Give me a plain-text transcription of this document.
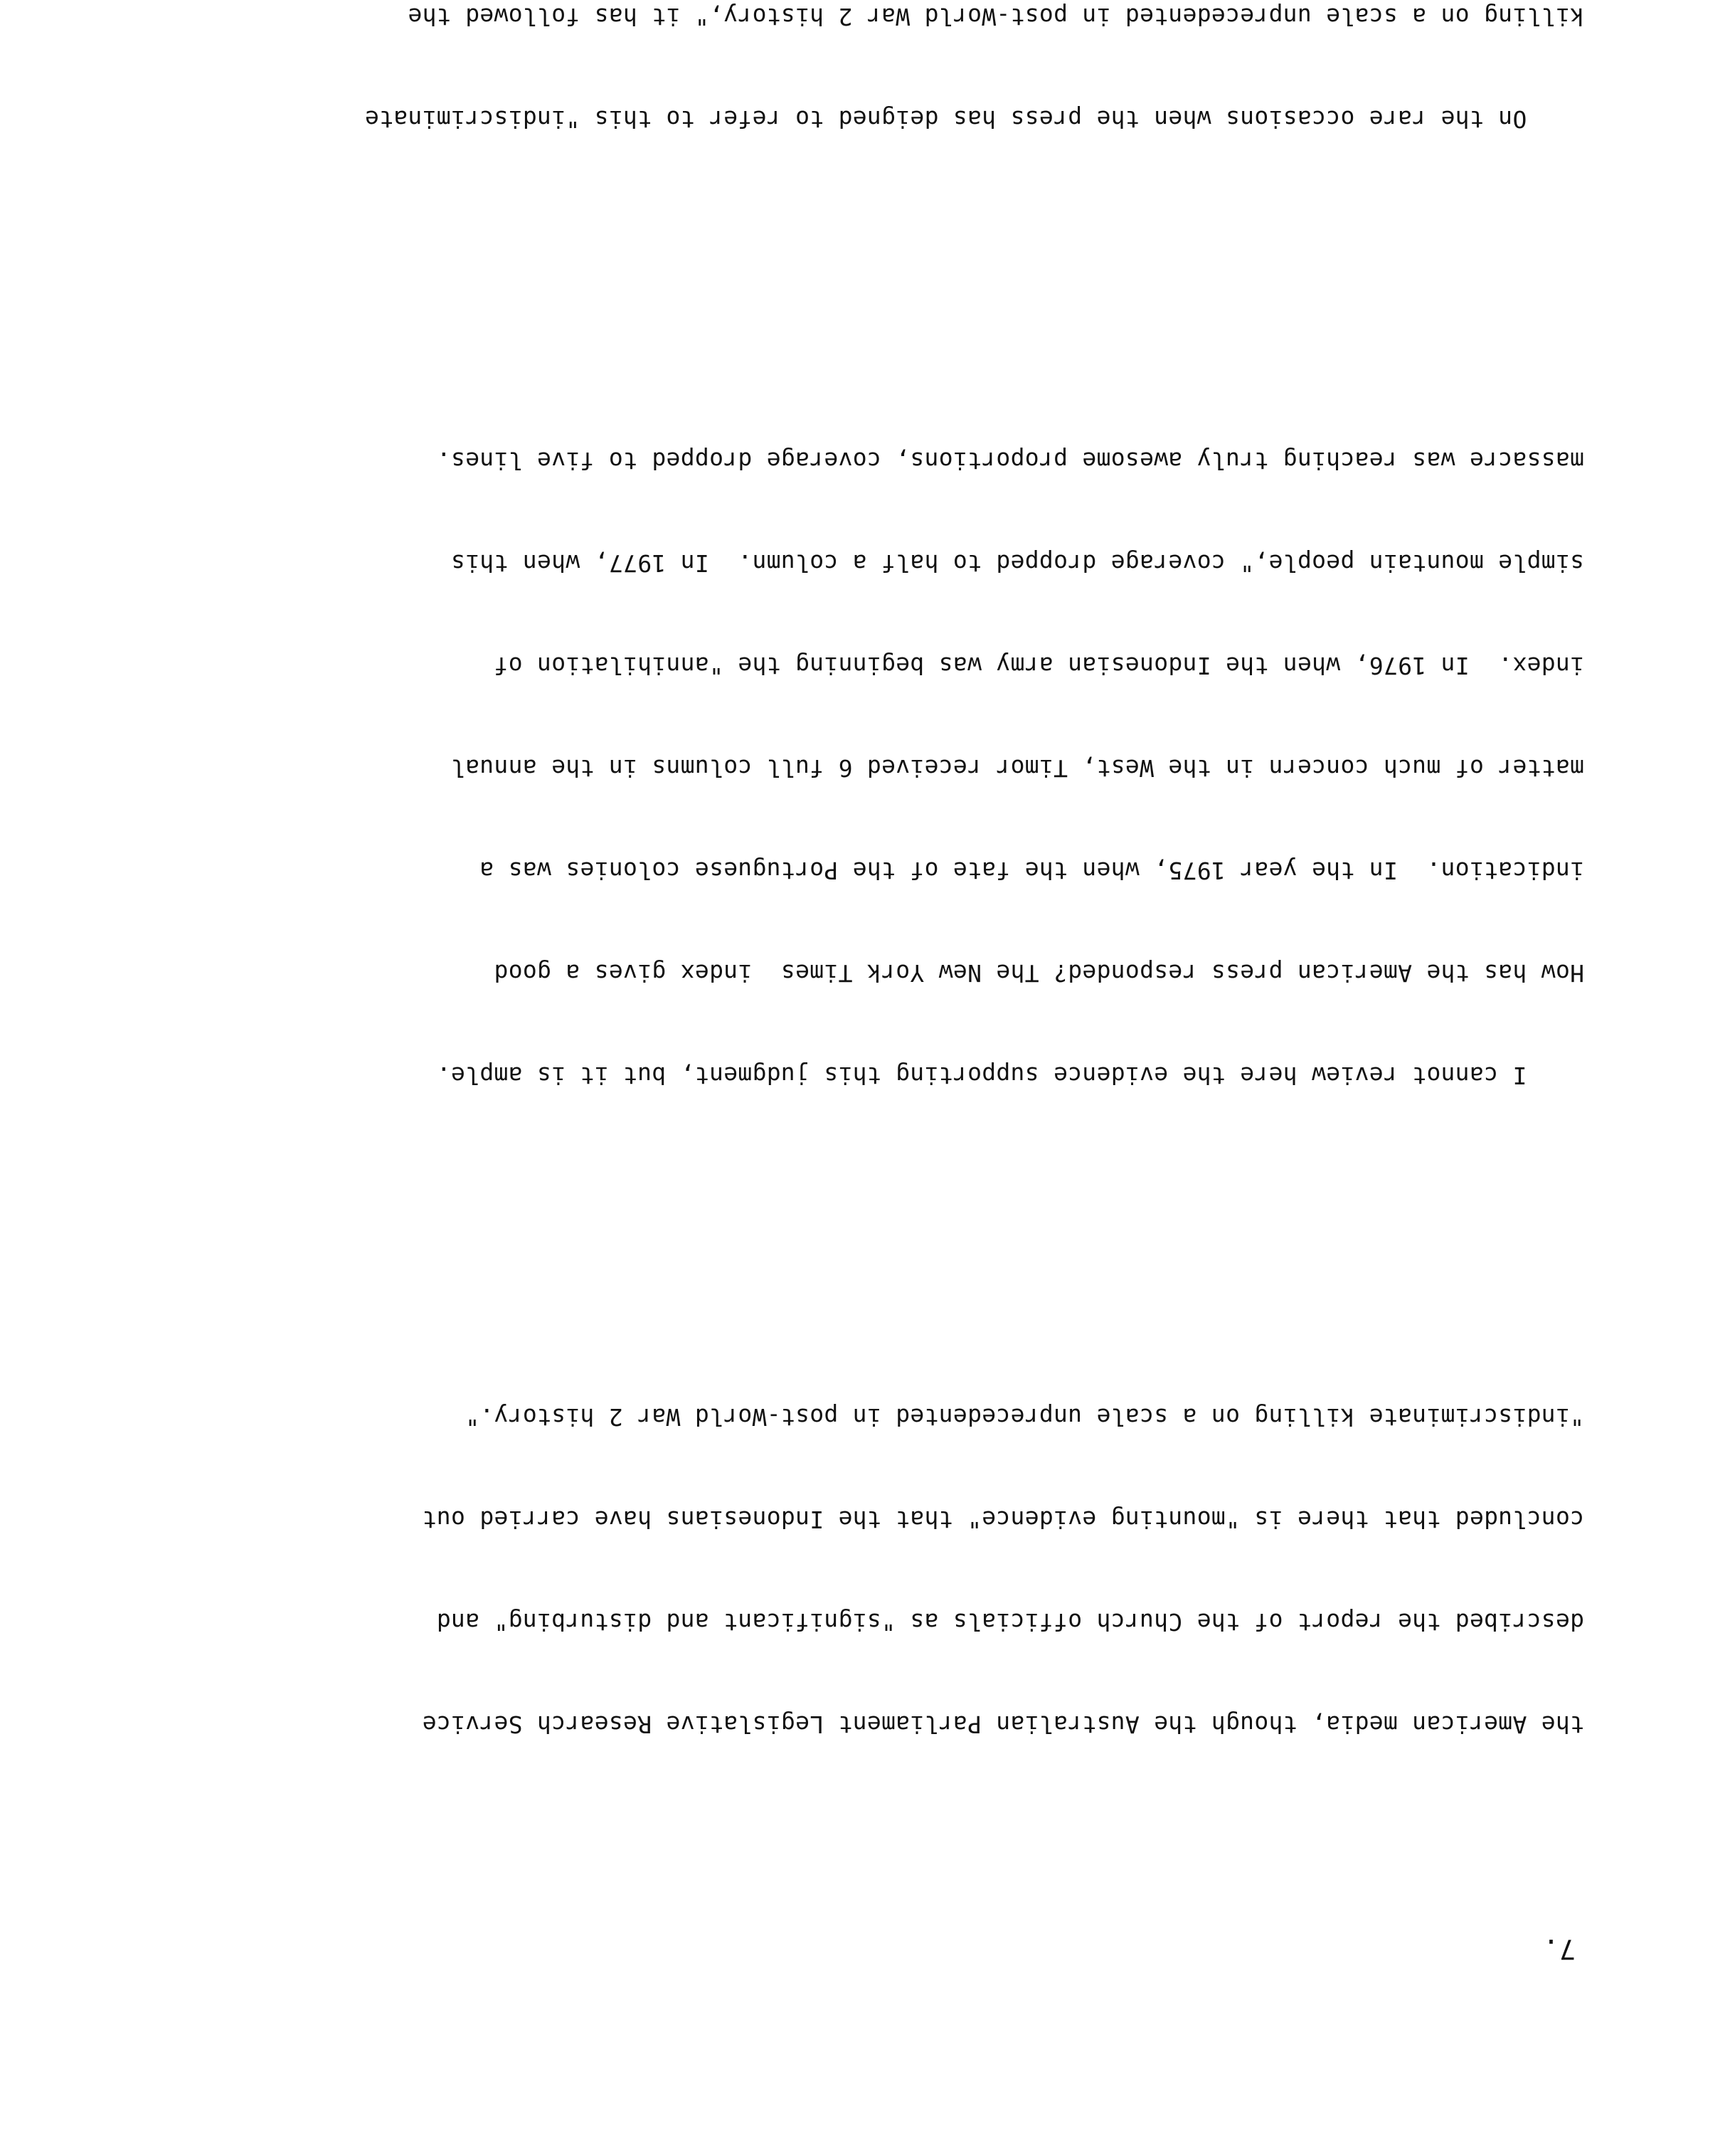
7.

the American media, though the Australian Parliament Legislative Research Service

described the report of the Church officials as "significant and disturbing" and

concluded that there is "mounting evidence" that the Indonesians have carried out

"indiscriminate killing on a scale unprecedented in post-World War 2 history."

I cannot review here the evidence supporting this judgment, but it is ample.

How has the American press responded? The New York Times  index gives a good

indication.  In the year 1975, when the fate of the Portuguese colonies was a

matter of much concern in the West, Timor received 6 full columns in the annual

index.  In 1976, when the Indonesian army was beginning the "annihilation of

simple mountain people," coverage dropped to half a column.  In 1977, when this

massacre was reaching truly awesome proportions, coverage dropped to five lines.

On the rare occasions when the press has deigned to refer to this "indiscriminate

killing on a scale unprecedented in post-World War 2 history," it has followed the
